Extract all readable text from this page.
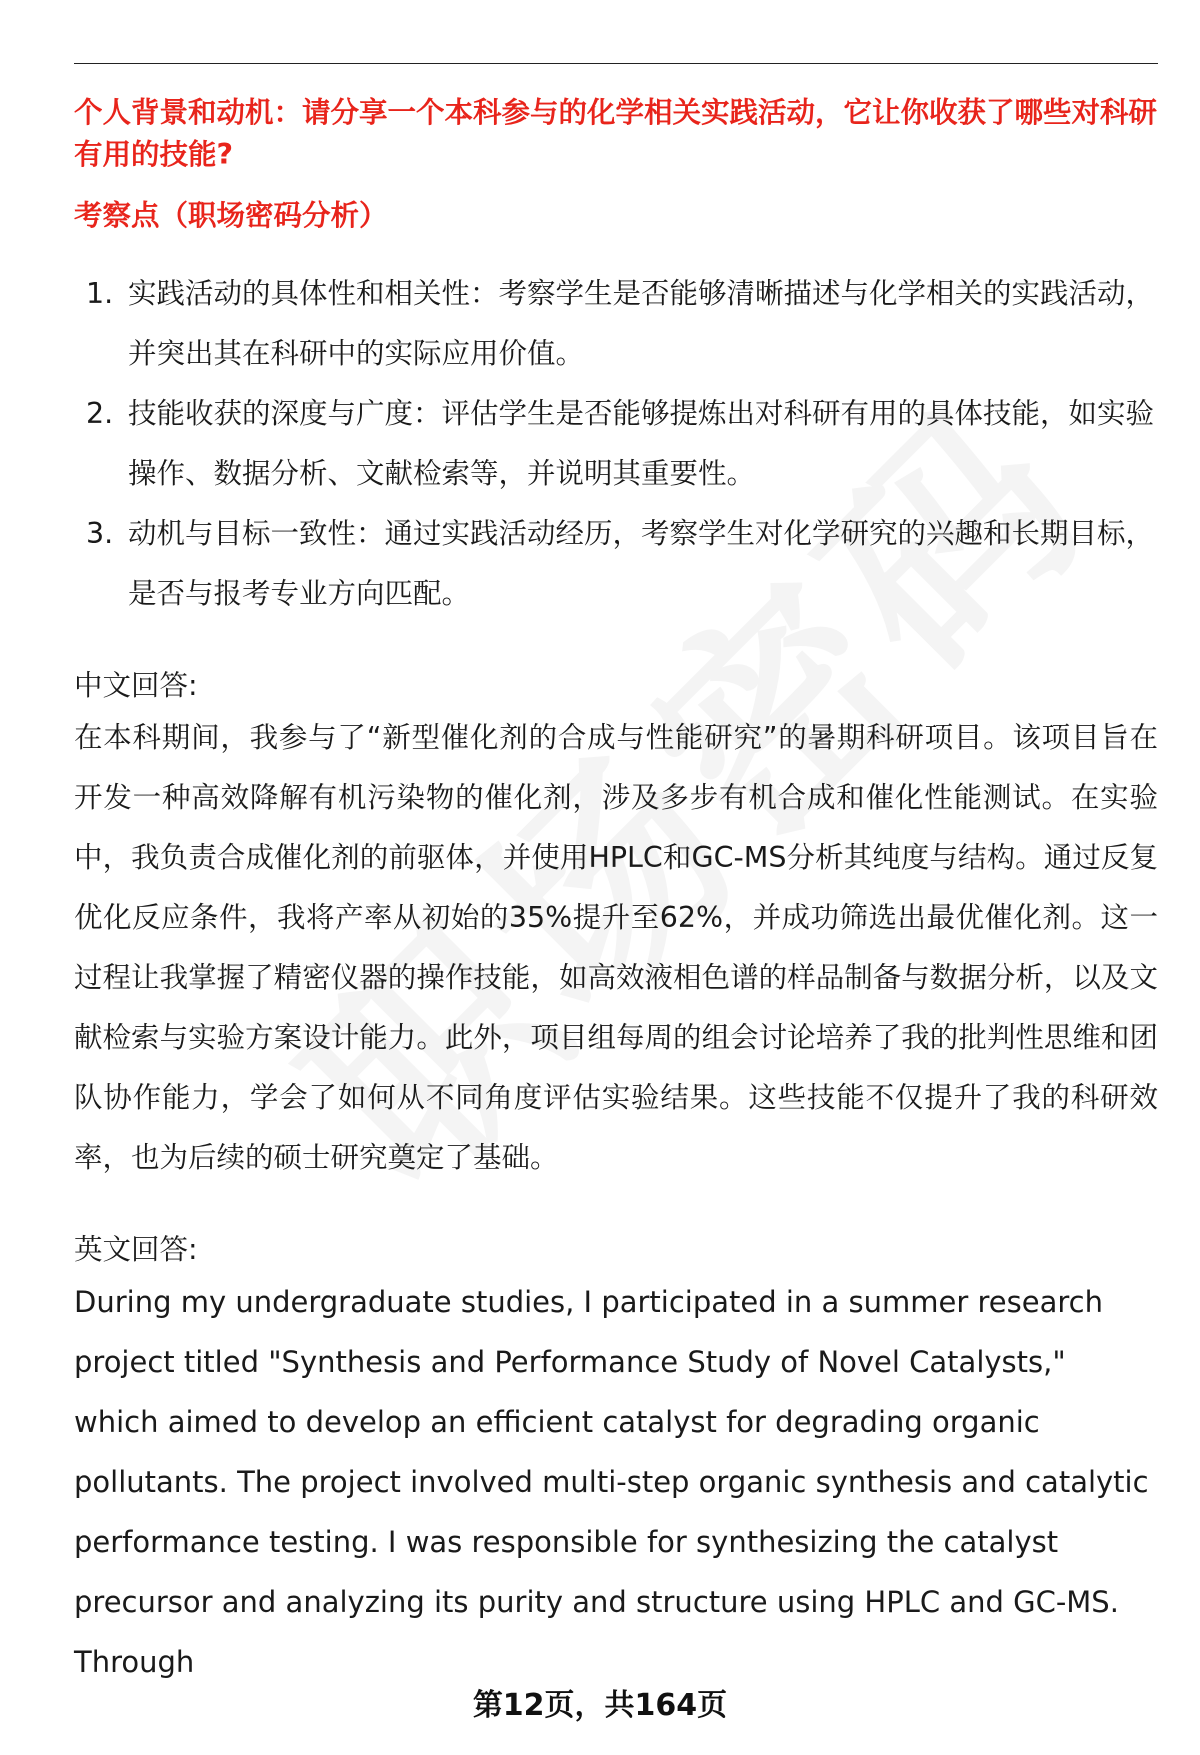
个人背景和动机：请分享一个本科参与的化学相关实践活动，它让你收获了哪些对科研有用的技能?

考察点（职场密码分析）

1. 实践活动的具体性和相关性：考察学生是否能够清晰描述与化学相关的实践活动，并突出其在科研中的实际应用价值。
2. 技能收获的深度与广度：评估学生是否能够提炼出对科研有用的具体技能，如实验操作、数据分析、文献检索等，并说明其重要性。
3. 动机与目标一致性：通过实践活动经历，考察学生对化学研究的兴趣和长期目标，是否与报考专业方向匹配。

中文回答:

在本科期间，我参与了“新型催化剂的合成与性能研究”的暑期科研项目。该项目旨在开发一种高效降解有机污染物的催化剂，涉及多步有机合成和催化性能测试。在实验中，我负责合成催化剂的前驱体，并使用HPLC和GC-MS分析其纯度与结构。通过反复优化反应条件，我将产率从初始的35%提升至62%，并成功筛选出最优催化剂。这一过程让我掌握了精密仪器的操作技能，如高效液相色谱的样品制备与数据分析，以及文献检索与实验方案设计能力。此外，项目组每周的组会讨论培养了我的批判性思维和团队协作能力，学会了如何从不同角度评估实验结果。这些技能不仅提升了我的科研效率，也为后续的硕士研究奠定了基础。

英文回答:

During my undergraduate studies, I participated in a summer research project titled "Synthesis and Performance Study of Novel Catalysts," which aimed to develop an efficient catalyst for degrading organic pollutants. The project involved multi-step organic synthesis and catalytic performance testing. I was responsible for synthesizing the catalyst precursor and analyzing its purity and structure using HPLC and GC-MS. Through

第12页，共164页
